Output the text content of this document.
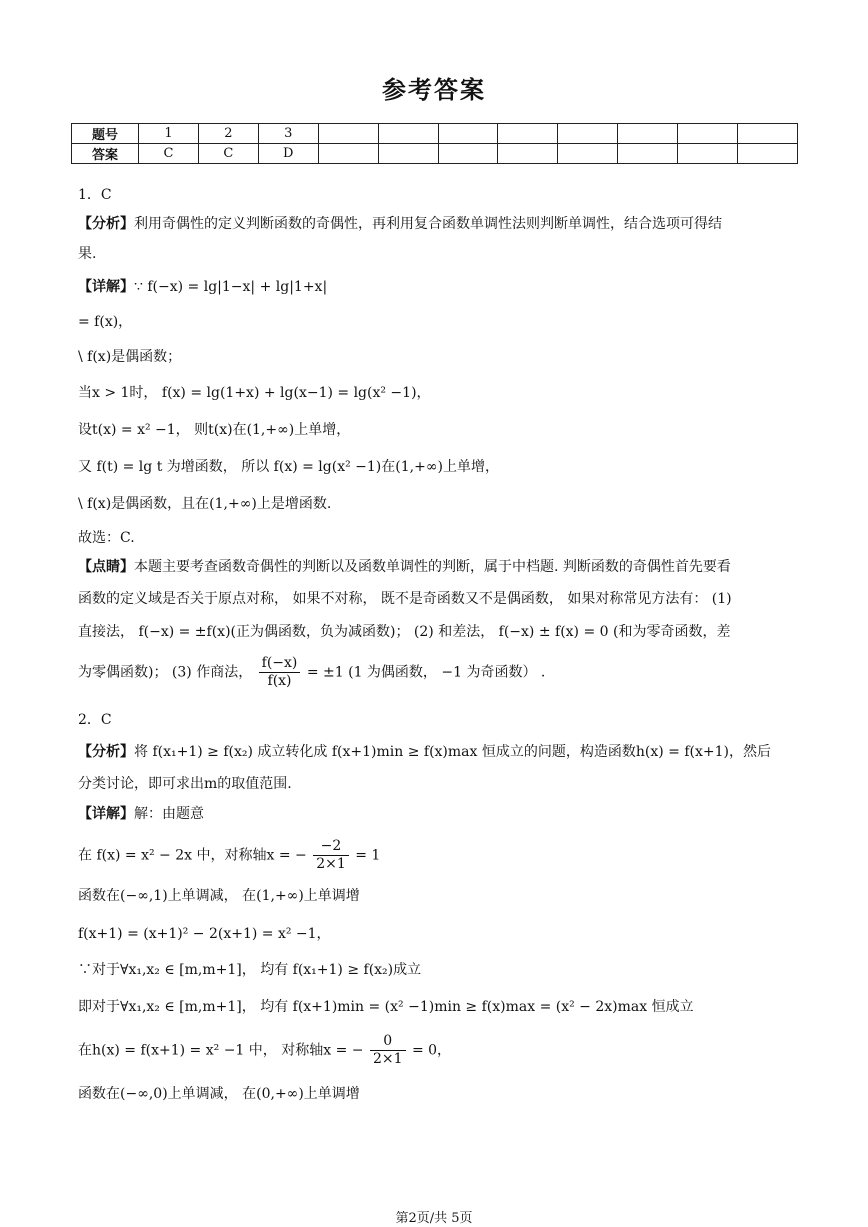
参考答案
题号	1	2	3								
答案	C	C	D								
1．C
【分析】利用奇偶性的定义判断函数的奇偶性，再利用复合函数单调性法则判断单调性，结合选项可得结
果.
【详解】∵ f(−x) = lg|1−x| + lg|1+x|
= f(x)，
\ f(x)是偶函数；
当x > 1时， f(x) = lg(1+x) + lg(x−1) = lg(x² −1)，
设t(x) = x² −1， 则t(x)在(1,+∞)上单增，
又 f(t) = lg t 为增函数， 所以 f(x) = lg(x² −1)在(1,+∞)上单增，
\ f(x)是偶函数，且在(1,+∞)上是增函数.
故选：C.
【点睛】本题主要考查函数奇偶性的判断以及函数单调性的判断，属于中档题. 判断函数的奇偶性首先要看
函数的定义域是否关于原点对称， 如果不对称， 既不是奇函数又不是偶函数， 如果对称常见方法有： (1)
直接法， f(−x) = ±f(x)(正为偶函数，负为减函数)； (2) 和差法， f(−x) ± f(x) = 0 (和为零奇函数，差
为零偶函数)； (3) 作商法， $\frac{f(-x)}{f(x)} = \pm 1$ (1 为偶函数， −1 为奇函数） .
2．C
【分析】将 f(x₁+1) ≥ f(x₂) 成立转化成 f(x+1)min ≥ f(x)max 恒成立的问题，构造函数h(x) = f(x+1)，然后
分类讨论，即可求出m的取值范围.
【详解】解：由题意
在 f(x) = x² − 2x 中，对称轴x = − $\frac{-2}{2\times 1} = 1$
函数在(−∞,1)上单调减， 在(1,+∞)上单调增
f(x+1) = (x+1)² − 2(x+1) = x² −1，
∵对于∀x₁,x₂ ∈ [m,m+1]， 均有 f(x₁+1) ≥ f(x₂)成立
即对于∀x₁,x₂ ∈ [m,m+1]， 均有 f(x+1)min = (x² −1)min ≥ f(x)max = (x² − 2x)max 恒成立
在h(x) = f(x+1) = x² −1 中， 对称轴x = − $\frac{0}{2\times 1} = 0$，
函数在(−∞,0)上单调减， 在(0,+∞)上单调增
第2页/共 5页
